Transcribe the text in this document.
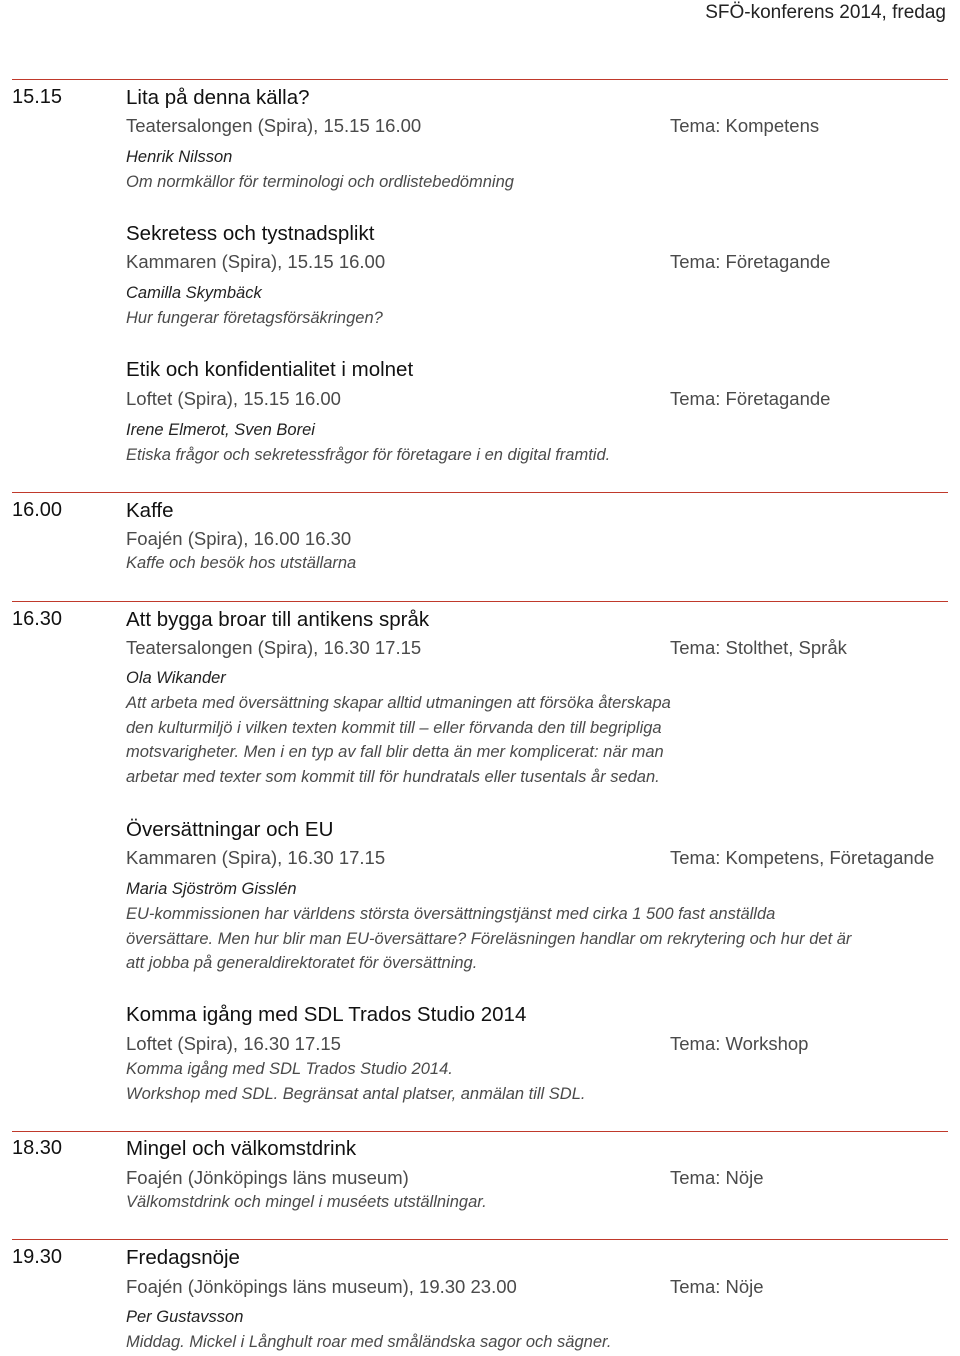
SFÖ-konferens 2014, fredag
15.15	Lita på denna källa?
Teatersalongen (Spira), 15.15 16.00	Tema: Kompetens
Henrik Nilsson
Om normkällor för terminologi och ordlistebedömning
Sekretess och tystnadsplikt
Kammaren (Spira), 15.15 16.00	Tema: Företagande
Camilla Skymbäck
Hur fungerar företagsförsäkringen?
Etik och konfidentialitet i molnet
Loftet (Spira), 15.15 16.00	Tema: Företagande
Irene Elmerot, Sven Borei
Etiska frågor och sekretessfrågor för företagare i en digital framtid.
16.00	Kaffe
Foajén (Spira), 16.00 16.30
Kaffe och besök hos utställarna
16.30	Att bygga broar till antikens språk
Teatersalongen (Spira), 16.30 17.15	Tema: Stolthet, Språk
Ola Wikander
Att arbeta med översättning skapar alltid utmaningen att försöka återskapa
den kulturmiljö i vilken texten kommit till – eller förvanda den till begripliga
motsvarigheter. Men i en typ av fall blir detta än mer komplicerat: när man
arbetar med texter som kommit till för hundratals eller tusentals år sedan.
Översättningar och EU
Kammaren (Spira), 16.30 17.15	Tema: Kompetens, Företagande
Maria Sjöström Gisslén
EU-kommissionen har världens största översättningstjänst med cirka 1 500 fast anställda
översättare. Men hur blir man EU-översättare? Föreläsningen handlar om rekrytering och hur det är
att jobba på generaldirektoratet för översättning.
Komma igång med SDL Trados Studio 2014
Loftet (Spira), 16.30 17.15	Tema: Workshop
Komma igång med SDL Trados Studio 2014.
Workshop med SDL. Begränsat antal platser, anmälan till SDL.
18.30	Mingel och välkomstdrink
Foajén (Jönköpings läns museum)	Tema: Nöje
Välkomstdrink och mingel i muséets utställningar.
19.30	Fredagsnöje
Foajén (Jönköpings läns museum), 19.30 23.00	Tema: Nöje
Per Gustavsson
Middag. Mickel i Långhult roar med småländska sagor och sägner.
